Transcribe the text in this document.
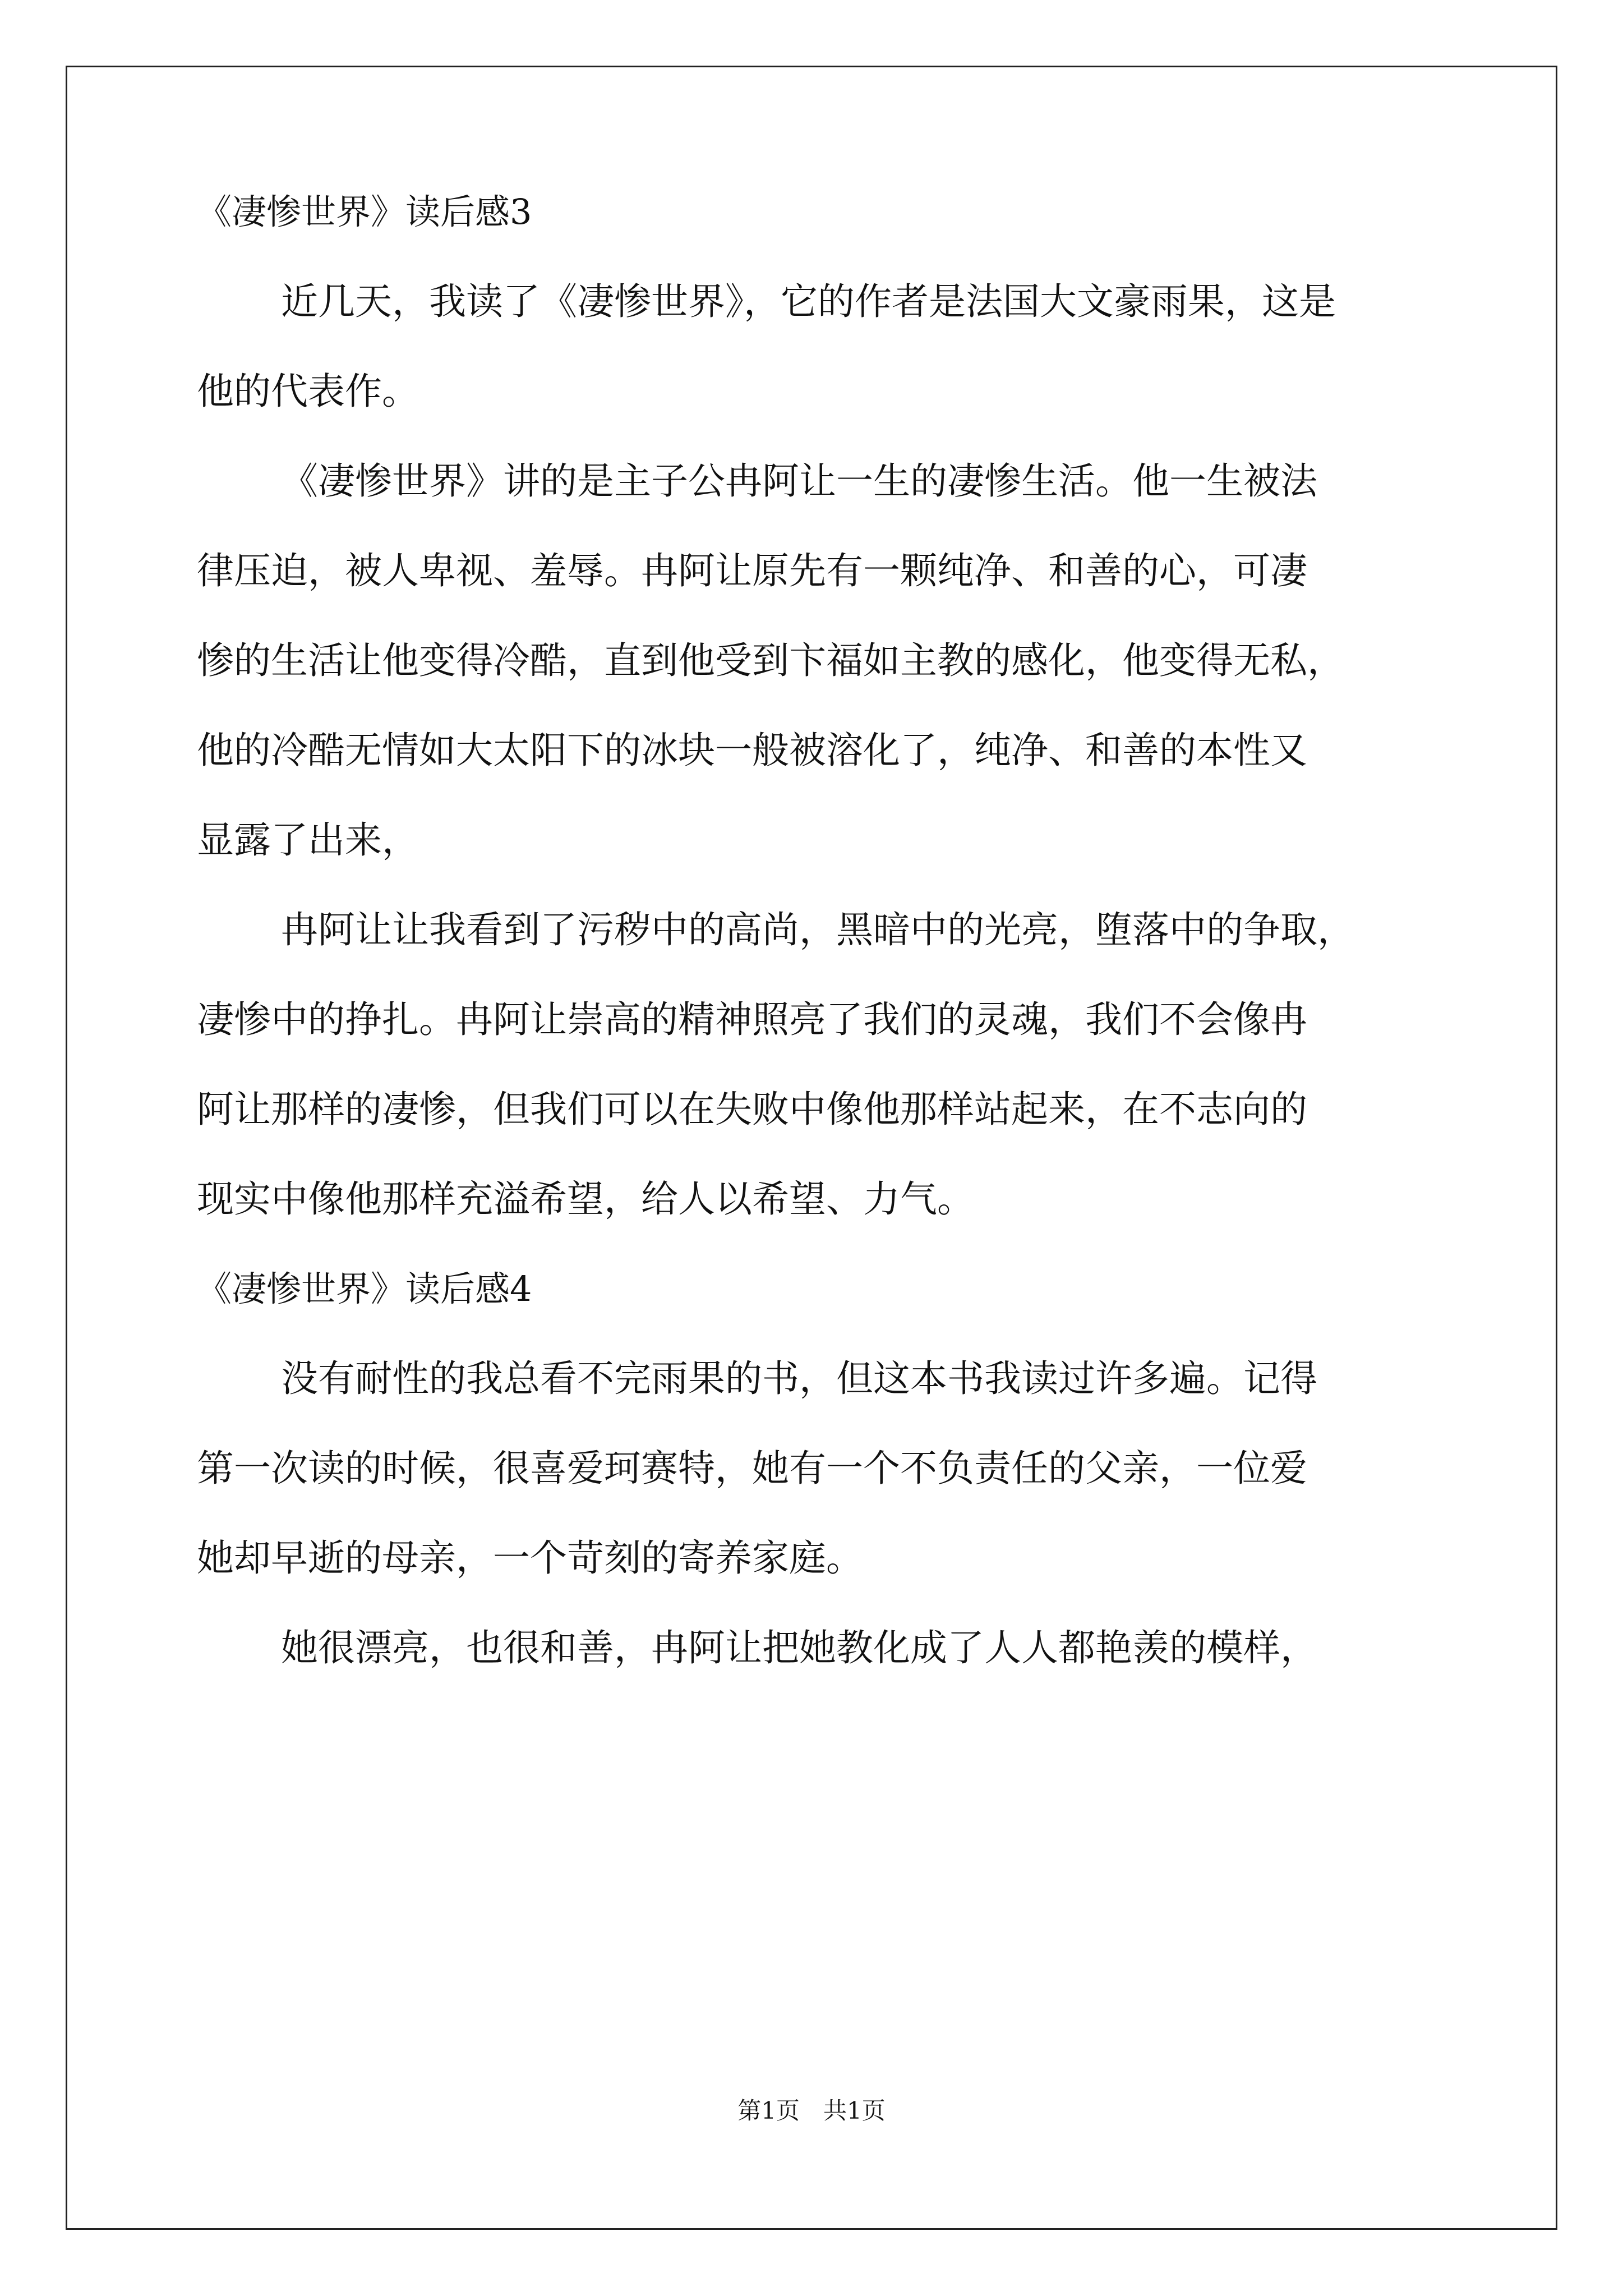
《凄惨世界》读后感3
近几天，我读了《凄惨世界》，它的作者是法国大文豪雨果，这是
他的代表作。
《凄惨世界》讲的是主子公冉阿让一生的凄惨生活。他一生被法
律压迫，被人卑视、羞辱。冉阿让原先有一颗纯净、和善的心，可凄
惨的生活让他变得冷酷，直到他受到卞福如主教的感化，他变得无私，
他的冷酷无情如大太阳下的冰块一般被溶化了，纯净、和善的本性又
显露了出来，
冉阿让让我看到了污秽中的高尚，黑暗中的光亮，堕落中的争取，
凄惨中的挣扎。冉阿让崇高的精神照亮了我们的灵魂，我们不会像冉
阿让那样的凄惨，但我们可以在失败中像他那样站起来，在不志向的
现实中像他那样充溢希望，给人以希望、力气。
《凄惨世界》读后感4
没有耐性的我总看不完雨果的书，但这本书我读过许多遍。记得
第一次读的时候，很喜爱珂赛特，她有一个不负责任的父亲，一位爱
她却早逝的母亲，一个苛刻的寄养家庭。
她很漂亮，也很和善，冉阿让把她教化成了人人都艳羡的模样，
第1页　共1页
